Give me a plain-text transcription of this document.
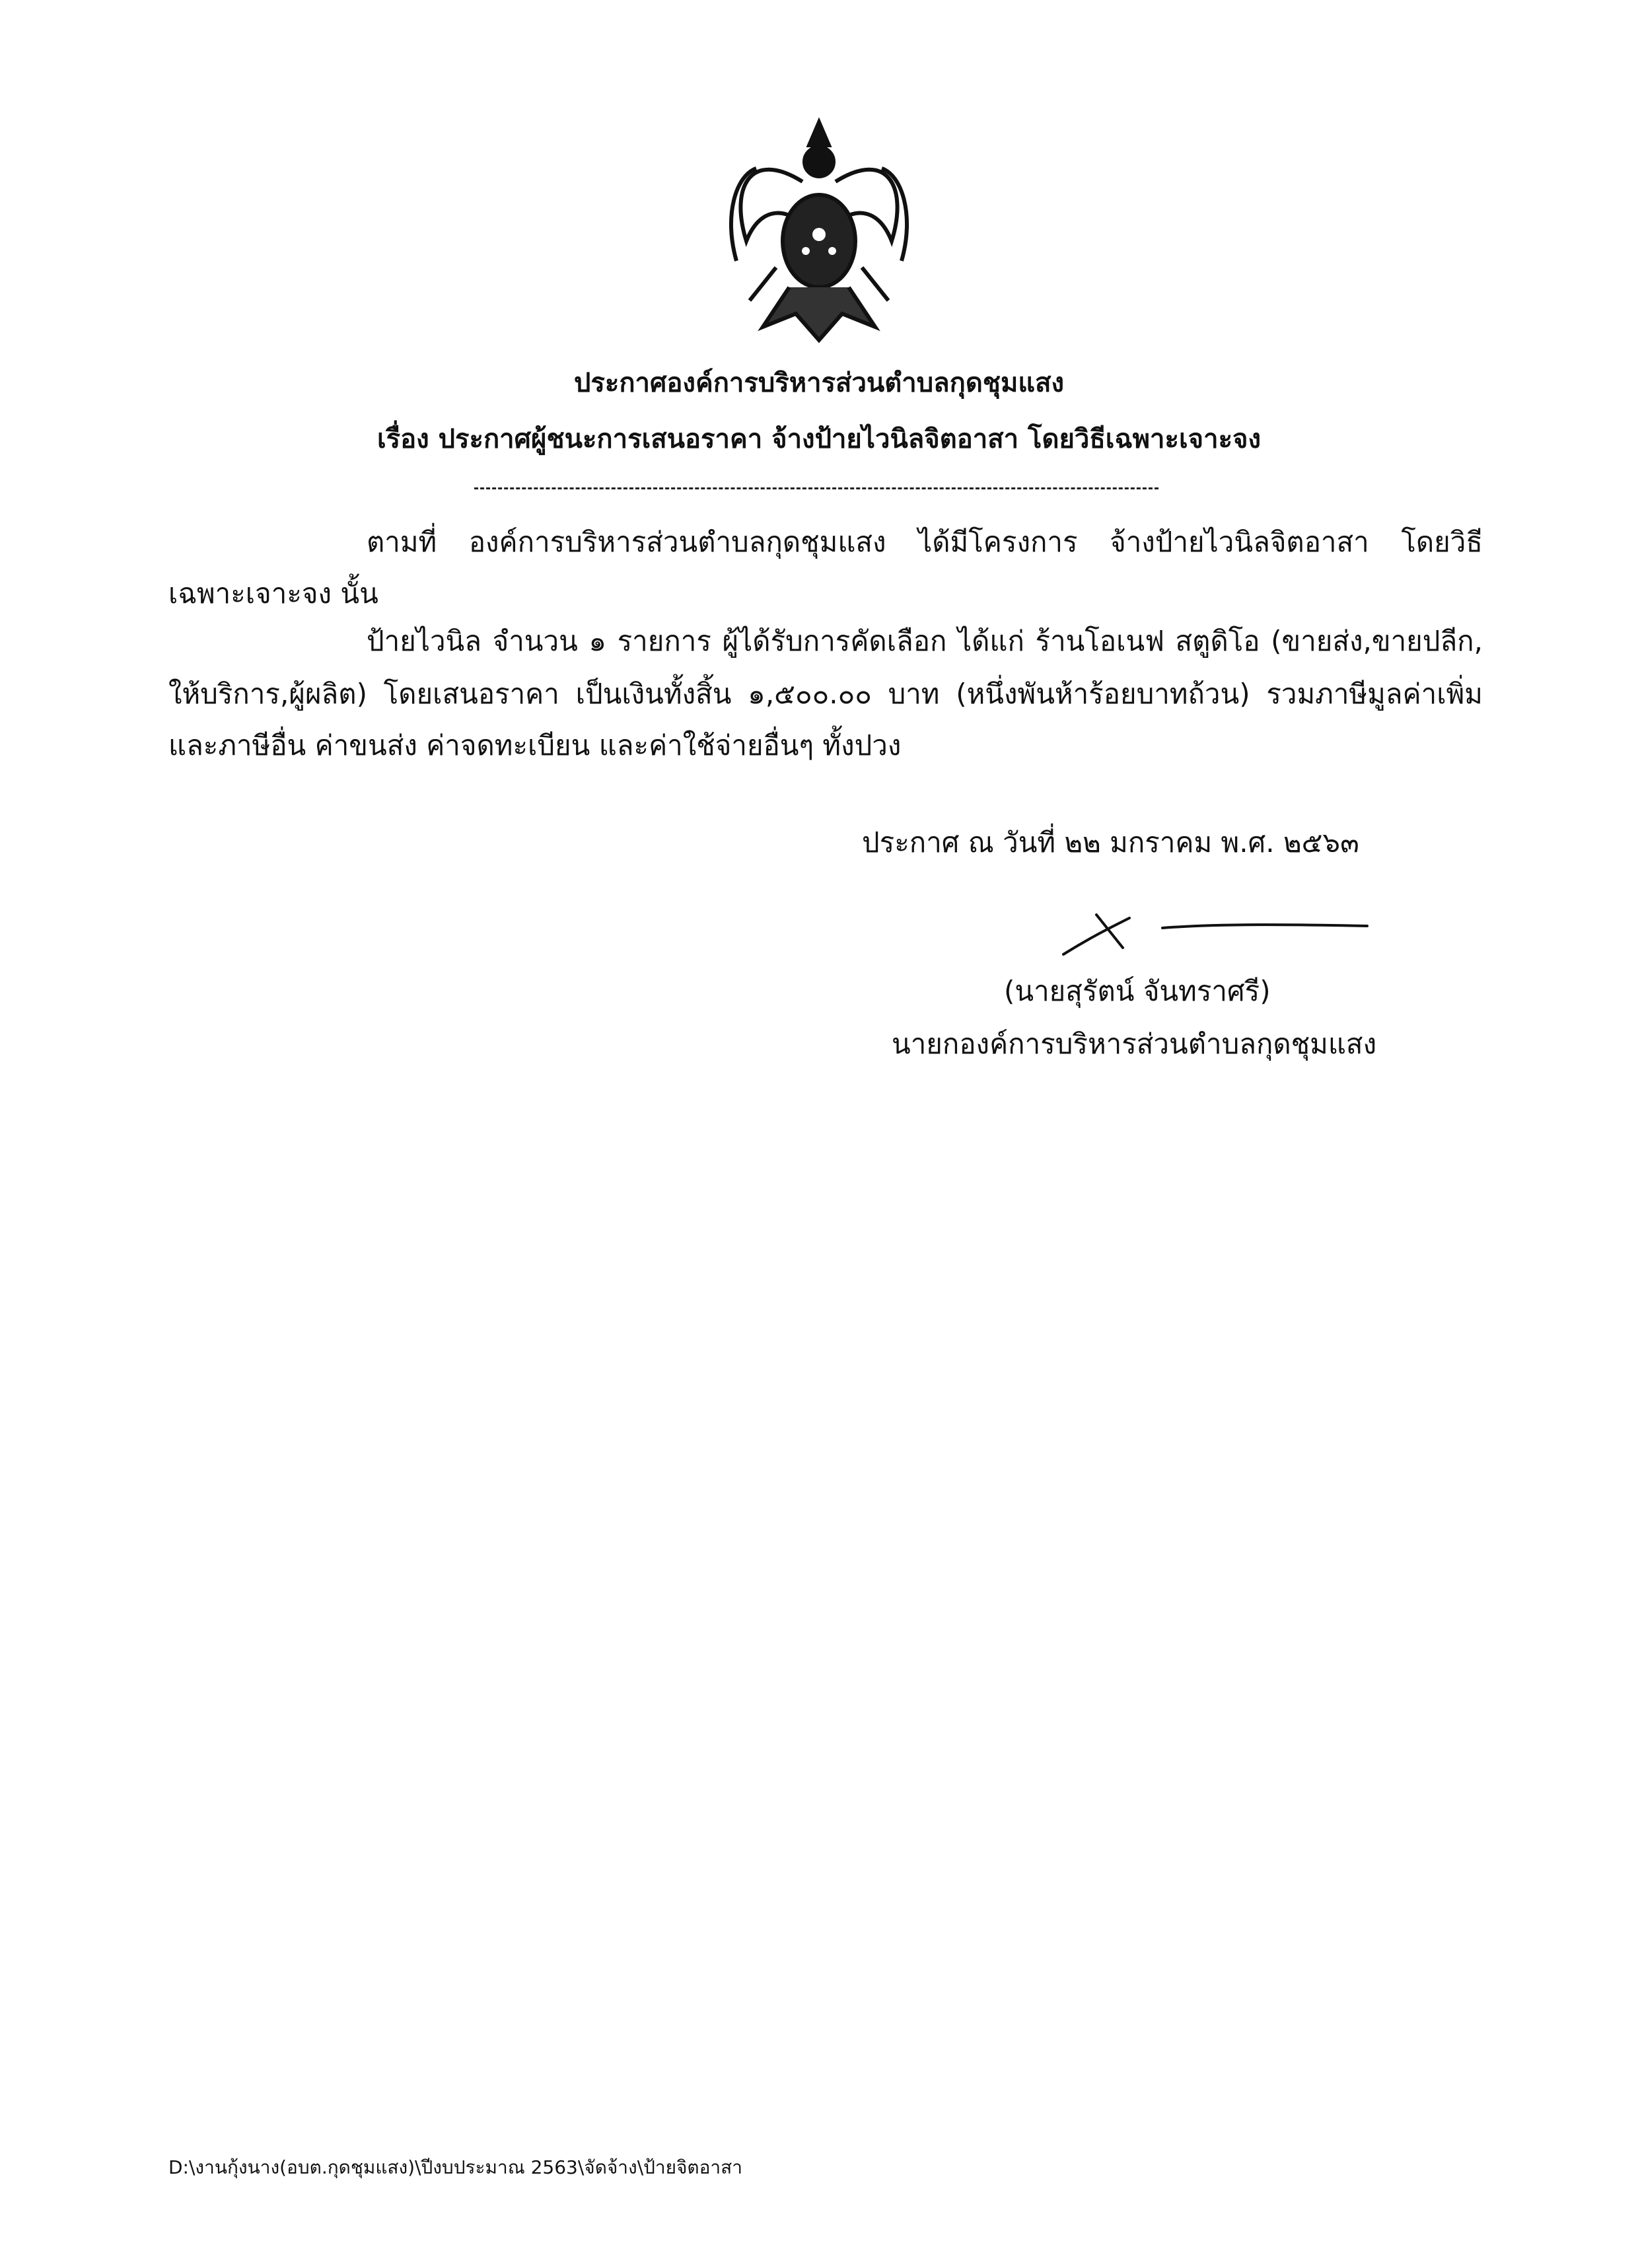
ประกาศองค์การบริหารส่วนตำบลกุดชุมแสง
เรื่อง ประกาศผู้ชนะการเสนอราคา จ้างป้ายไวนิลจิตอาสา โดยวิธีเฉพาะเจาะจง
ตามที่ องค์การบริหารส่วนตำบลกุดชุมแสง ได้มีโครงการ จ้างป้ายไวนิลจิตอาสา โดยวิธี
เฉพาะเจาะจง นั้น
ป้ายไวนิล จำนวน ๑ รายการ ผู้ได้รับการคัดเลือก ได้แก่ ร้านโอเนฟ สตูดิโอ (ขายส่ง,ขายปลีก,
ให้บริการ,ผู้ผลิต) โดยเสนอราคา เป็นเงินทั้งสิ้น ๑,๕๐๐.๐๐ บาท (หนึ่งพันห้าร้อยบาทถ้วน) รวมภาษีมูลค่าเพิ่ม
และภาษีอื่น ค่าขนส่ง ค่าจดทะเบียน และค่าใช้จ่ายอื่นๆ ทั้งปวง
ประกาศ ณ วันที่ ๒๒ มกราคม พ.ศ. ๒๕๖๓
(นายสุรัตน์ จันทราศรี)
นายกองค์การบริหารส่วนตำบลกุดชุมแสง
D:\งานกุ้งนาง(อบต.กุดชุมแสง)\ปีงบประมาณ 2563\จัดจ้าง\ป้ายจิตอาสา
